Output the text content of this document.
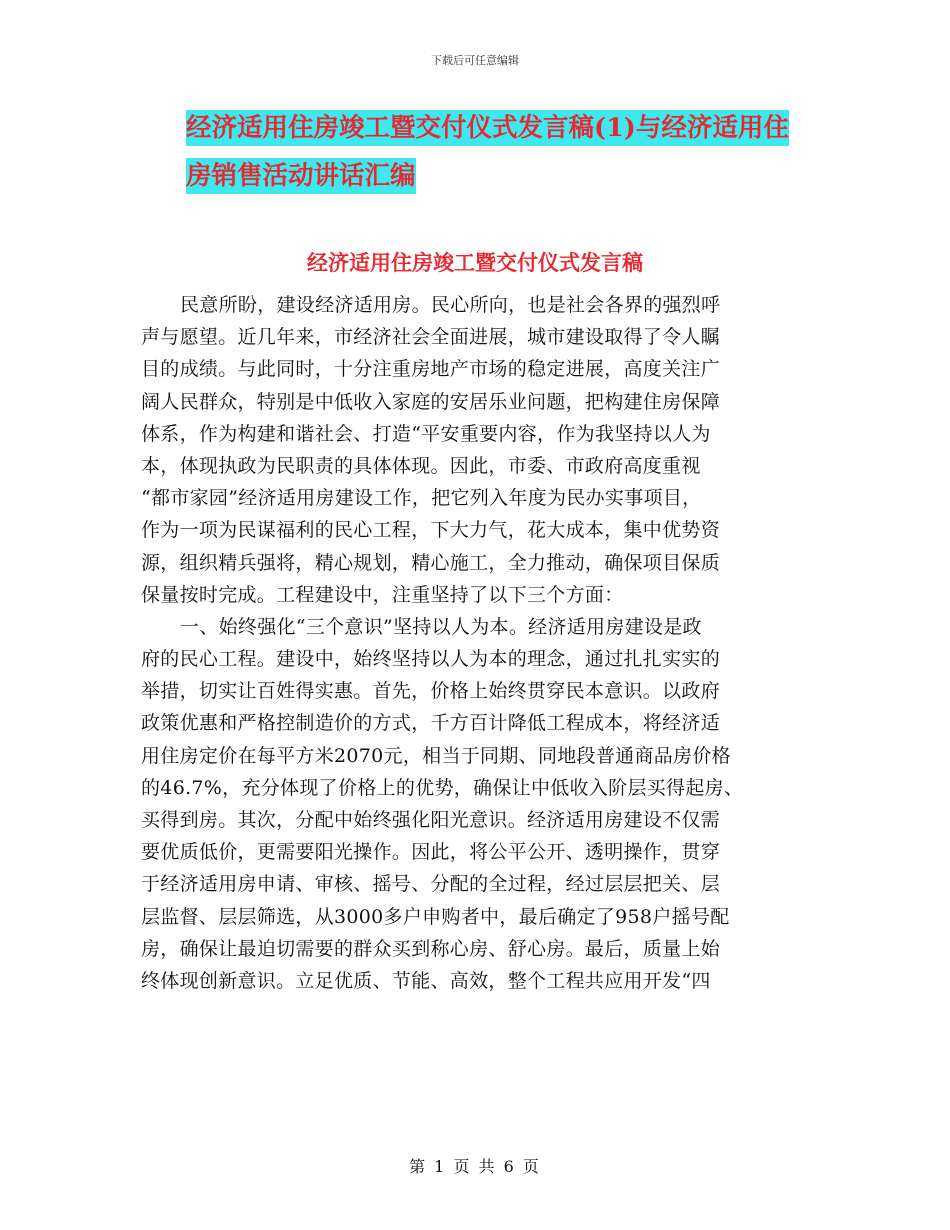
下载后可任意编辑
经济适用住房竣工暨交付仪式发言稿(1)与经济适用住
房销售活动讲话汇编
经济适用住房竣工暨交付仪式发言稿
民意所盼，建设经济适用房。民心所向，也是社会各界的强烈呼
声与愿望。近几年来，市经济社会全面进展，城市建设取得了令人瞩
目的成绩。与此同时，十分注重房地产市场的稳定进展，高度关注广
阔人民群众，特别是中低收入家庭的安居乐业问题，把构建住房保障
体系，作为构建和谐社会、打造“平安重要内容，作为我坚持以人为
本，体现执政为民职责的具体体现。因此，市委、市政府高度重视
“都市家园”经济适用房建设工作，把它列入年度为民办实事项目，
作为一项为民谋福利的民心工程，下大力气，花大成本，集中优势资
源，组织精兵强将，精心规划，精心施工，全力推动，确保项目保质
保量按时完成。工程建设中，注重坚持了以下三个方面：
一、始终强化“三个意识”坚持以人为本。经济适用房建设是政
府的民心工程。建设中，始终坚持以人为本的理念，通过扎扎实实的
举措，切实让百姓得实惠。首先，价格上始终贯穿民本意识。以政府
政策优惠和严格控制造价的方式，千方百计降低工程成本，将经济适
用住房定价在每平方米2070元，相当于同期、同地段普通商品房价格
的46.7%，充分体现了价格上的优势，确保让中低收入阶层买得起房、
买得到房。其次，分配中始终强化阳光意识。经济适用房建设不仅需
要优质低价，更需要阳光操作。因此，将公平公开、透明操作，贯穿
于经济适用房申请、审核、摇号、分配的全过程，经过层层把关、层
层监督、层层筛选，从3000多户申购者中，最后确定了958户摇号配
房，确保让最迫切需要的群众买到称心房、舒心房。最后，质量上始
终体现创新意识。立足优质、节能、高效，整个工程共应用开发“四
第 1 页 共 6 页
